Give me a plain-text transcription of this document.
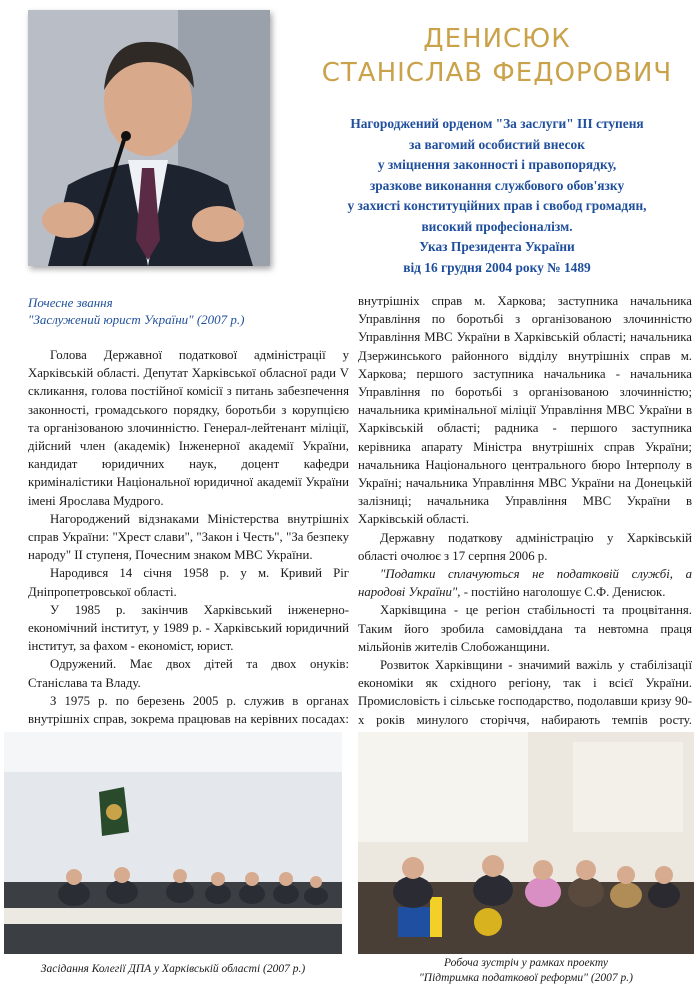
ДЕНИСЮК
СТАНІСЛАВ ФЕДОРОВИЧ
Нагороджений орденом "За заслуги" III ступеня
за вагомий особистий внесок
у зміцнення законності і правопорядку,
зразкове виконання службового обов'язку
у захисті конституційних прав і свобод громадян,
високий професіоналізм.
Указ Президента України
від 16 грудня 2004 року № 1489
Почесне звання
"Заслужений юрист України" (2007 р.)

Голова Державної податкової адміністрації у Харківській області. Депутат Харківської обласної ради V скликання, голова постійної комісії з питань забезпечення законності, громадського порядку, боротьби з корупцією та організованою злочинністю. Генерал-лейтенант міліції, дійсний член (академік) Інженерної академії України, кандидат юридичних наук, доцент кафедри криміналістики Національної юридичної академії України імені Ярослава Мудрого.

Нагороджений відзнаками Міністерства внутрішніх справ України: "Хрест слави", "Закон і Честь", "За безпеку народу" II ступеня, Почесним знаком МВС України.

Народився 14 січня 1958 р. у м. Кривий Ріг Дніпропетровської області.

У 1985 р. закінчив Харківський інженерно-економічний інститут, у 1989 р. - Харківський юридичний інститут, за фахом - економіст, юрист.

Одружений. Має двох дітей та двох онуків: Станіслава та Владу.

З 1975 р. по березень 2005 р. служив в органах внутрішніх справ, зокрема працював на керівних посадах:

внутрішніх справ м. Харкова; заступника начальника Управління по боротьбі з організованою злочинністю Управління МВС України в Харківській області; начальника Дзержинського районного відділу внутрішніх справ м. Харкова; першого заступника начальника - начальника Управління по боротьбі з організованою злочинністю; начальника кримінальної міліції Управління МВС України в Харківській області; радника - першого заступника керівника апарату Міністра внутрішніх справ України; начальника Національного центрального бюро Інтерполу в Україні; начальника Управління МВС України на Донецькій залізниці; начальника Управління МВС України в Харківській області.

Державну податкову адміністрацію у Харківській області очолює з 17 серпня 2006 р.

"Податки сплачуються не податковій службі, а народові України", - постійно наголошує С.Ф. Денисюк.

Харківщина - це регіон стабільності та процвітання. Таким його зробила самовіддана та невтомна праця мільйонів жителів Слобожанщини.

Розвиток Харківщини - значимий важіль у стабілізації економіки як східного регіону, так і всієї України. Промисловість і сільське господарство, подолавши кризу 90-х років минулого сторіччя, набирають темпів росту.

Засідання Колегії ДПА у Харківській області (2007 р.)	Робоча зустріч у рамках проекту
"Підтримка податкової реформи" (2007 р.)
